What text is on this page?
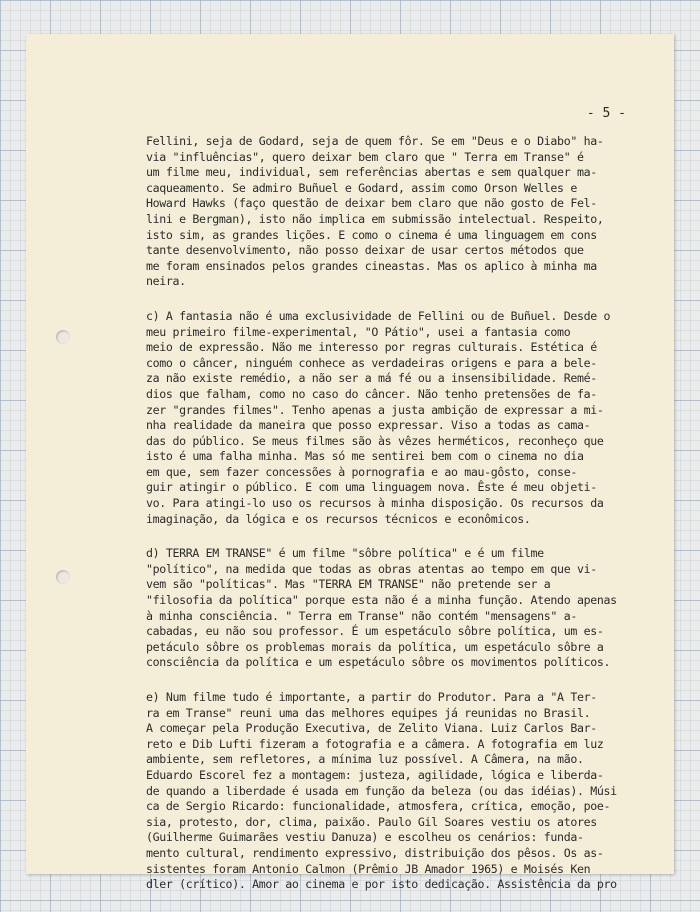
- 5 -

Fellini, seja de Godard, seja de quem fôr. Se em "Deus e o Diabo" ha-
via "influências", quero deixar bem claro que " Terra em Transe" é
um filme meu, individual, sem referências abertas e sem qualquer ma-
caqueamento. Se admiro Buñuel e Godard, assim como Orson Welles e
Howard Hawks (faço questão de deixar bem claro que não gosto de Fel-
lini e Bergman), isto não implica em submissão intelectual. Respeito,
isto sim, as grandes lições. E como o cinema é uma linguagem em cons
tante desenvolvimento, não posso deixar de usar certos métodos que
me foram ensinados pelos grandes cineastas. Mas os aplico à minha ma
neira.

c) A fantasia não é uma exclusividade de Fellini ou de Buñuel. Desde o
meu primeiro filme-experimental, "O Pátio", usei a fantasia como
meio de expressão. Não me interesso por regras culturais. Estética é
como o câncer, ninguém conhece as verdadeiras origens e para a bele-
za não existe remédio, a não ser a má fé ou a insensibilidade. Remé-
dios que falham, como no caso do câncer. Não tenho pretensões de fa-
zer "grandes filmes". Tenho apenas a justa ambição de expressar a mi-
nha realidade da maneira que posso expressar. Viso a todas as cama-
das do público. Se meus filmes são às vêzes herméticos, reconheço que
isto é uma falha minha. Mas só me sentirei bem com o cinema no dia
em que, sem fazer concessões à pornografia e ao mau-gôsto, conse-
guir atingir o público. E com uma linguagem nova. Êste é meu objeti-
vo. Para atingi-lo uso os recursos à minha disposição. Os recursos da
imaginação, da lógica e os recursos técnicos e econômicos.

d) TERRA EM TRANSE" é um filme "sôbre política" e é um filme
"político", na medida que todas as obras atentas ao tempo em que vi-
vem são "políticas". Mas "TERRA EM TRANSE" não pretende ser a
"filosofia da política" porque esta não é a minha função. Atendo apenas
à minha consciência. " Terra em Transe" não contém "mensagens" a-
cabadas, eu não sou professor. É um espetáculo sôbre política, um es-
petáculo sôbre os problemas morais da política, um espetáculo sôbre a
consciência da política e um espetáculo sôbre os movimentos políticos.

e) Num filme tudo é importante, a partir do Produtor. Para a "A Ter-
ra em Transe" reuni uma das melhores equipes já reunidas no Brasil.
A começar pela Produção Executiva, de Zelito Viana. Luiz Carlos Bar-
reto e Dib Lufti fizeram a fotografia e a câmera. A fotografia em luz
ambiente, sem refletores, a mínima luz possível. A Câmera, na mão.
Eduardo Escorel fez a montagem: justeza, agilidade, lógica e liberda-
de quando a liberdade é usada em função da beleza (ou das idéias). Músi
ca de Sergio Ricardo: funcionalidade, atmosfera, crítica, emoção, poe-
sia, protesto, dor, clima, paixão. Paulo Gil Soares vestiu os atores
(Guilherme Guimarães vestiu Danuza) e escolheu os cenários: funda-
mento cultural, rendimento expressivo, distribuição dos pêsos. Os as-
sistentes foram Antonio Calmon (Prêmio JB Amador 1965) e Moisés Ken
dler (crítico). Amor ao cinema e por isto dedicação. Assistência da pro
